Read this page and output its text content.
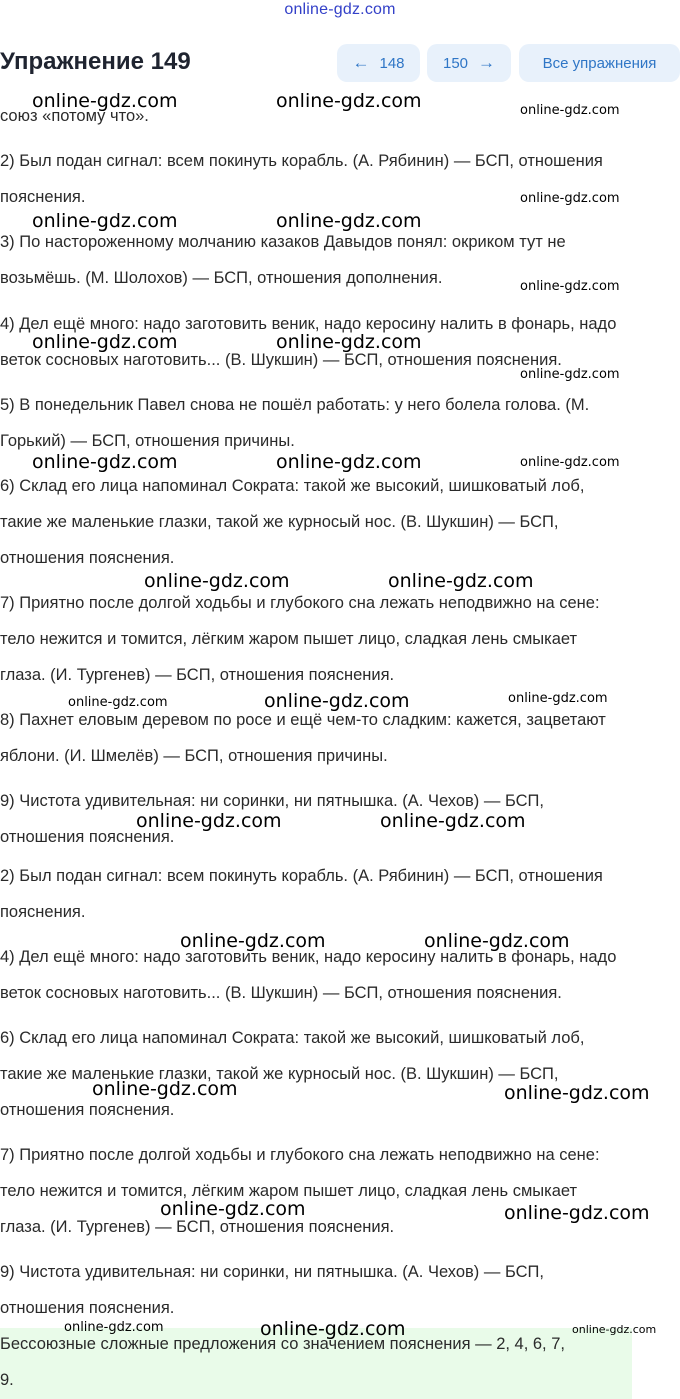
online-gdz.com
Упражнение 149	← 148	150 →	Все упражнения
союз «потому что».
2) Был подан сигнал: всем покинуть корабль. (А. Рябинин) — БСП, отношения
пояснения.
3) По настороженному молчанию казаков Давыдов понял: окриком тут не
возьмёшь. (М. Шолохов) — БСП, отношения дополнения.
4) Дел ещё много: надо заготовить веник, надо керосину налить в фонарь, надо
веток сосновых наготовить... (В. Шукшин) — БСП, отношения пояснения.
5) В понедельник Павел снова не пошёл работать: у него болела голова. (М.
Горький) — БСП, отношения причины.
6) Склад его лица напоминал Сократа: такой же высокий, шишковатый лоб,
такие же маленькие глазки, такой же курносый нос. (В. Шукшин) — БСП,
отношения пояснения.
7) Приятно после долгой ходьбы и глубокого сна лежать неподвижно на сене:
тело нежится и томится, лёгким жаром пышет лицо, сладкая лень смыкает
глаза. (И. Тургенев) — БСП, отношения пояснения.
8) Пахнет еловым деревом по росе и ещё чем-то сладким: кажется, зацветают
яблони. (И. Шмелёв) — БСП, отношения причины.
9) Чистота удивительная: ни соринки, ни пятнышка. (А. Чехов) — БСП,
отношения пояснения.
2) Был подан сигнал: всем покинуть корабль. (А. Рябинин) — БСП, отношения
пояснения.
4) Дел ещё много: надо заготовить веник, надо керосину налить в фонарь, надо
веток сосновых наготовить... (В. Шукшин) — БСП, отношения пояснения.
6) Склад его лица напоминал Сократа: такой же высокий, шишковатый лоб,
такие же маленькие глазки, такой же курносый нос. (В. Шукшин) — БСП,
отношения пояснения.
7) Приятно после долгой ходьбы и глубокого сна лежать неподвижно на сене:
тело нежится и томится, лёгким жаром пышет лицо, сладкая лень смыкает
глаза. (И. Тургенев) — БСП, отношения пояснения.
9) Чистота удивительная: ни соринки, ни пятнышка. (А. Чехов) — БСП,
отношения пояснения.
Бессоюзные сложные предложения со значением пояснения — 2, 4, 6, 7,
9.
online-gdz.com	online-gdz.com	online-gdz.com
online-gdz.com
online-gdz.com	online-gdz.com
online-gdz.com
online-gdz.com	online-gdz.com
online-gdz.com
online-gdz.com	online-gdz.com	online-gdz.com
online-gdz.com	online-gdz.com
online-gdz.com	online-gdz.com	online-gdz.com
online-gdz.com	online-gdz.com
online-gdz.com	online-gdz.com
online-gdz.com	online-gdz.com
online-gdz.com	online-gdz.com
online-gdz.com	online-gdz.com	online-gdz.com
